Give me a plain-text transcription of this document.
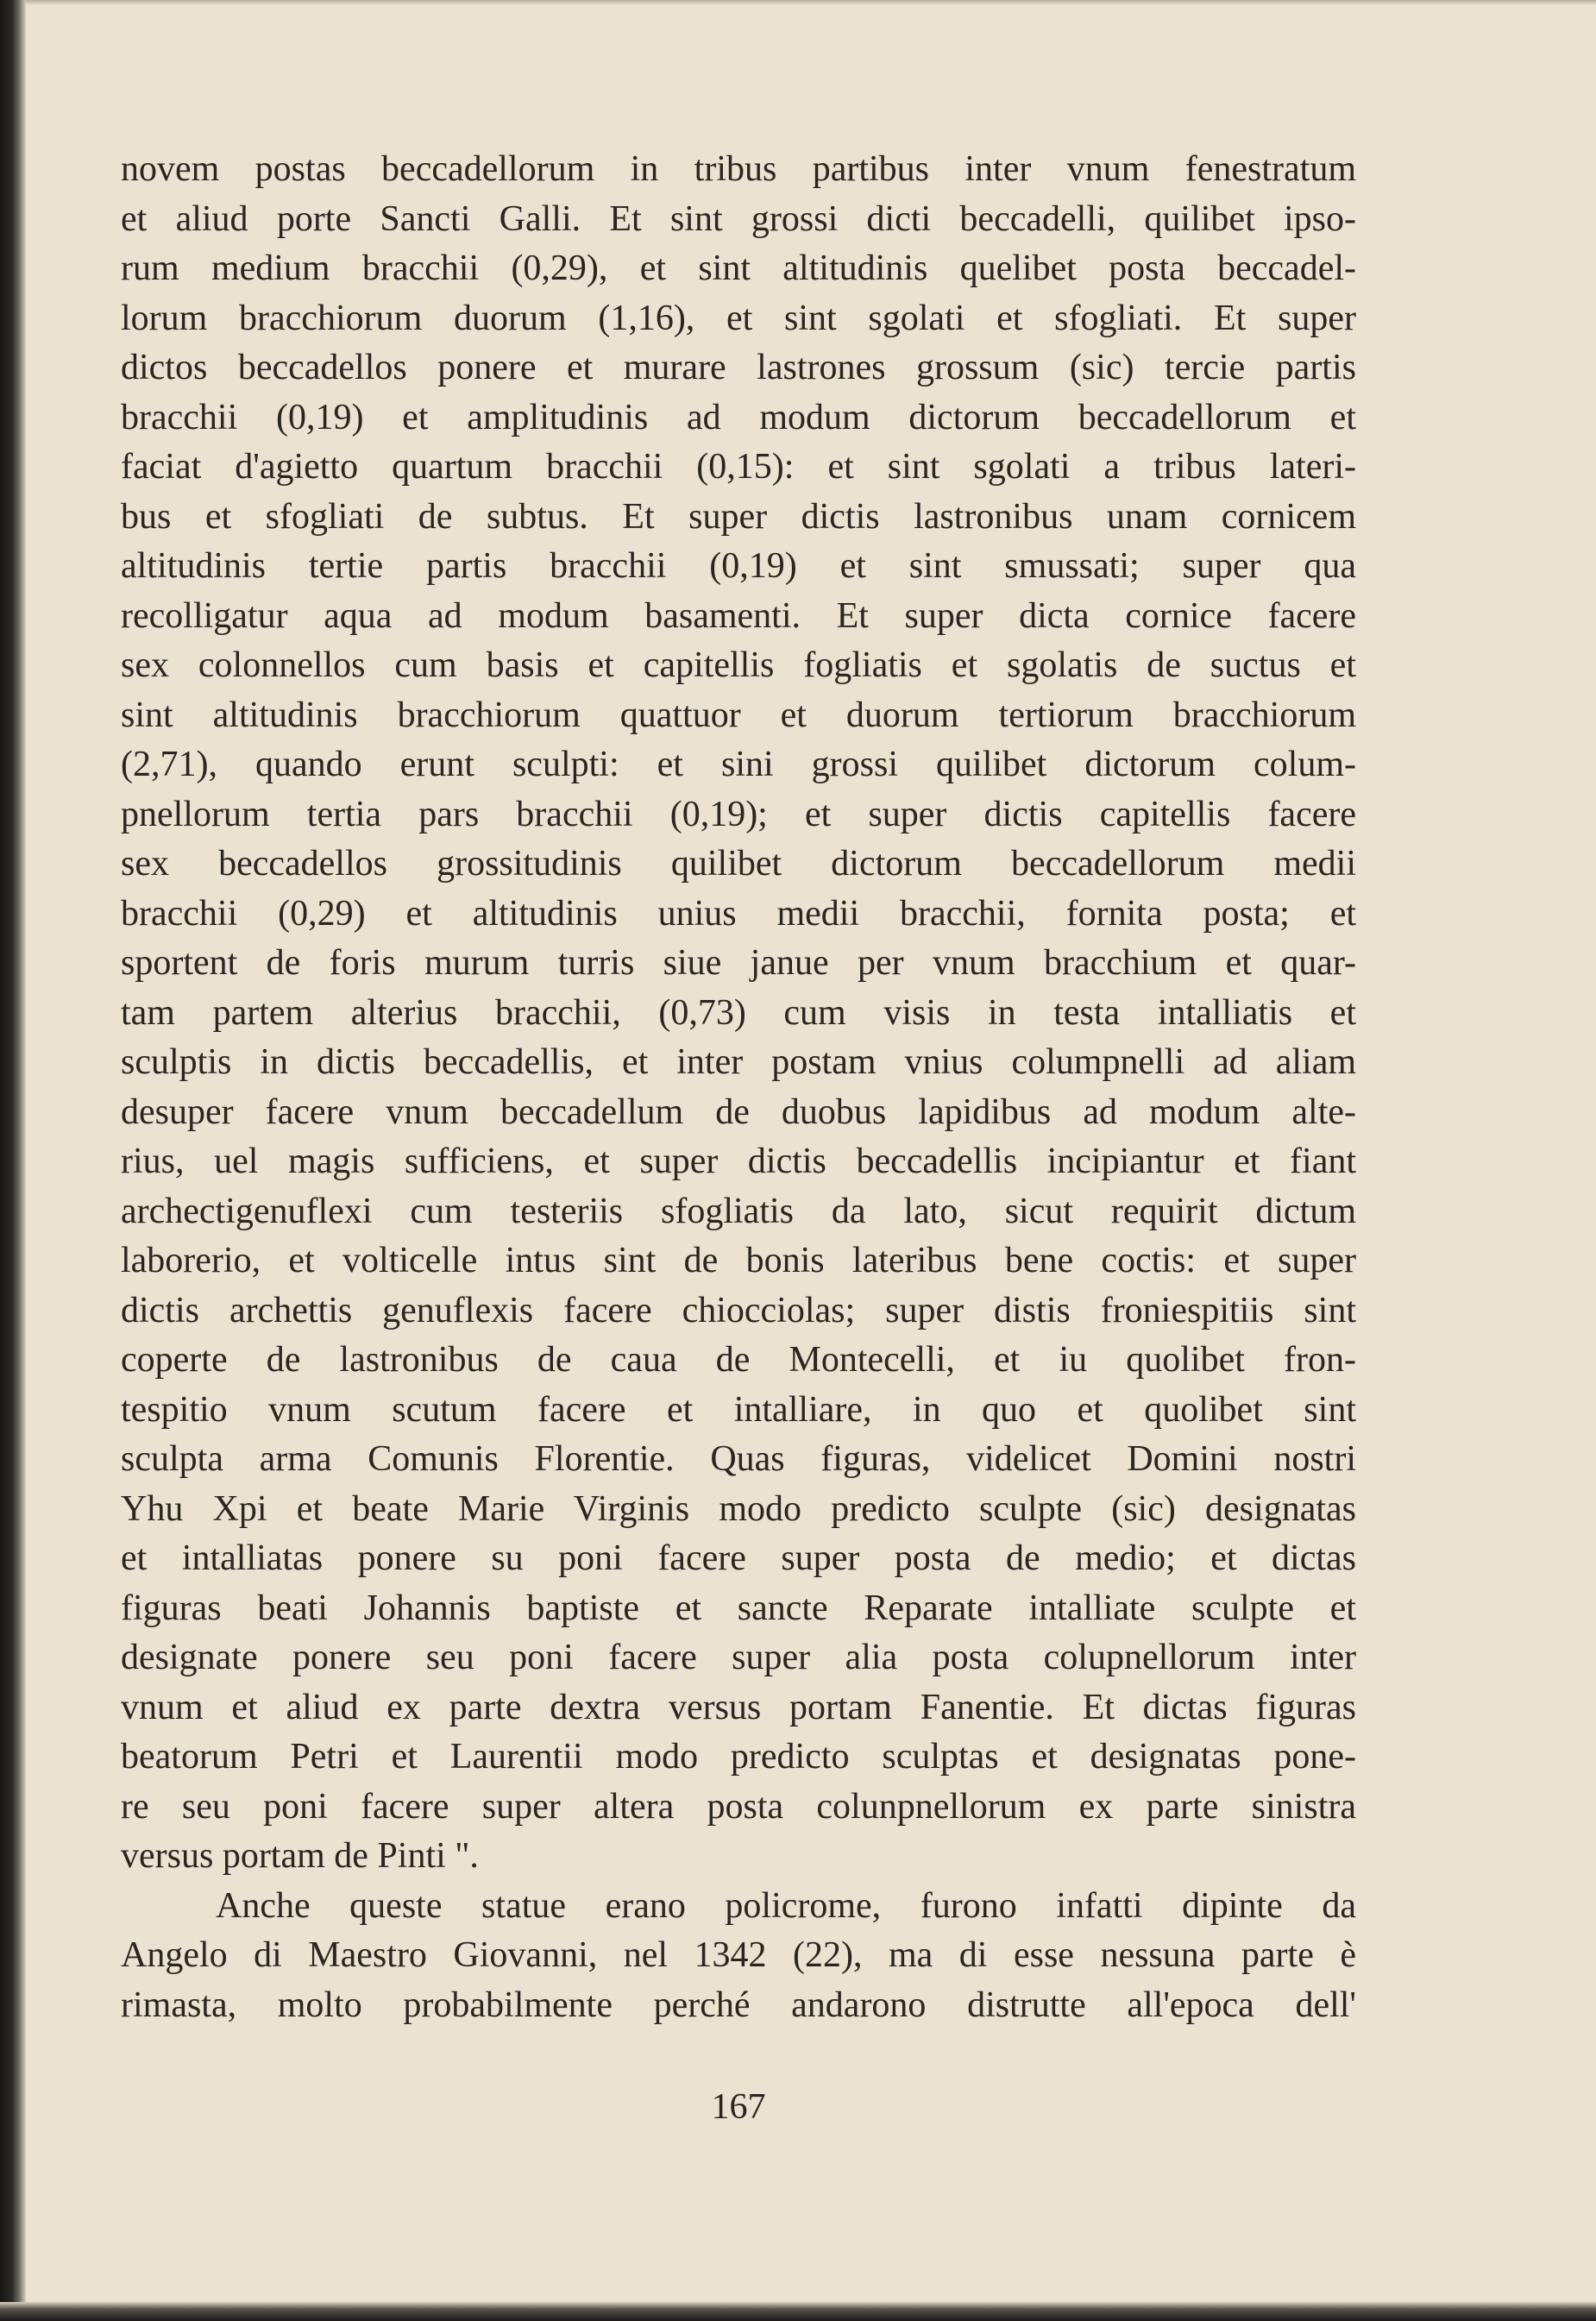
novem postas beccadellorum in tribus partibus inter vnum fenestratum
et aliud porte Sancti Galli. Et sint grossi dicti beccadelli, quilibet ipso-
rum medium bracchii (0,29), et sint altitudinis quelibet posta beccadel-
lorum bracchiorum duorum (1,16), et sint sgolati et sfogliati. Et super
dictos beccadellos ponere et murare lastrones grossum (sic) tercie partis
bracchii (0,19) et amplitudinis ad modum dictorum beccadellorum et
faciat d'agietto quartum bracchii (0,15): et sint sgolati a tribus lateri-
bus et sfogliati de subtus. Et super dictis lastronibus unam cornicem
altitudinis tertie partis bracchii (0,19) et sint smussati; super qua
recolligatur aqua ad modum basamenti. Et super dicta cornice facere
sex colonnellos cum basis et capitellis fogliatis et sgolatis de suctus et
sint altitudinis bracchiorum quattuor et duorum tertiorum bracchiorum
(2,71), quando erunt sculpti: et sini grossi quilibet dictorum colum-
pnellorum tertia pars bracchii (0,19); et super dictis capitellis facere
sex beccadellos grossitudinis quilibet dictorum beccadellorum medii
bracchii (0,29) et altitudinis unius medii bracchii, fornita posta; et
sportent de foris murum turris siue janue per vnum bracchium et quar-
tam partem alterius bracchii, (0,73) cum visis in testa intalliatis et
sculptis in dictis beccadellis, et inter postam vnius columpnelli ad aliam
desuper facere vnum beccadellum de duobus lapidibus ad modum alte-
rius, uel magis sufficiens, et super dictis beccadellis incipiantur et fiant
archectigenuflexi cum testeriis sfogliatis da lato, sicut requirit dictum
laborerio, et volticelle intus sint de bonis lateribus bene coctis: et super
dictis archettis genuflexis facere chiocciolas; super distis froniespitiis sint
coperte de lastronibus de caua de Montecelli, et iu quolibet fron-
tespitio vnum scutum facere et intalliare, in quo et quolibet sint
sculpta arma Comunis Florentie. Quas figuras, videlicet Domini nostri
Yhu Xpi et beate Marie Virginis modo predicto sculpte (sic) designatas
et intalliatas ponere su poni facere super posta de medio; et dictas
figuras beati Johannis baptiste et sancte Reparate intalliate sculpte et
designate ponere seu poni facere super alia posta colupnellorum inter
vnum et aliud ex parte dextra versus portam Fanentie. Et dictas figuras
beatorum Petri et Laurentii modo predicto sculptas et designatas pone-
re seu poni facere super altera posta colunpnellorum ex parte sinistra
versus portam de Pinti ".
Anche queste statue erano policrome, furono infatti dipinte da
Angelo di Maestro Giovanni, nel 1342 (22), ma di esse nessuna parte è
rimasta, molto probabilmente perché andarono distrutte all'epoca dell'
167
